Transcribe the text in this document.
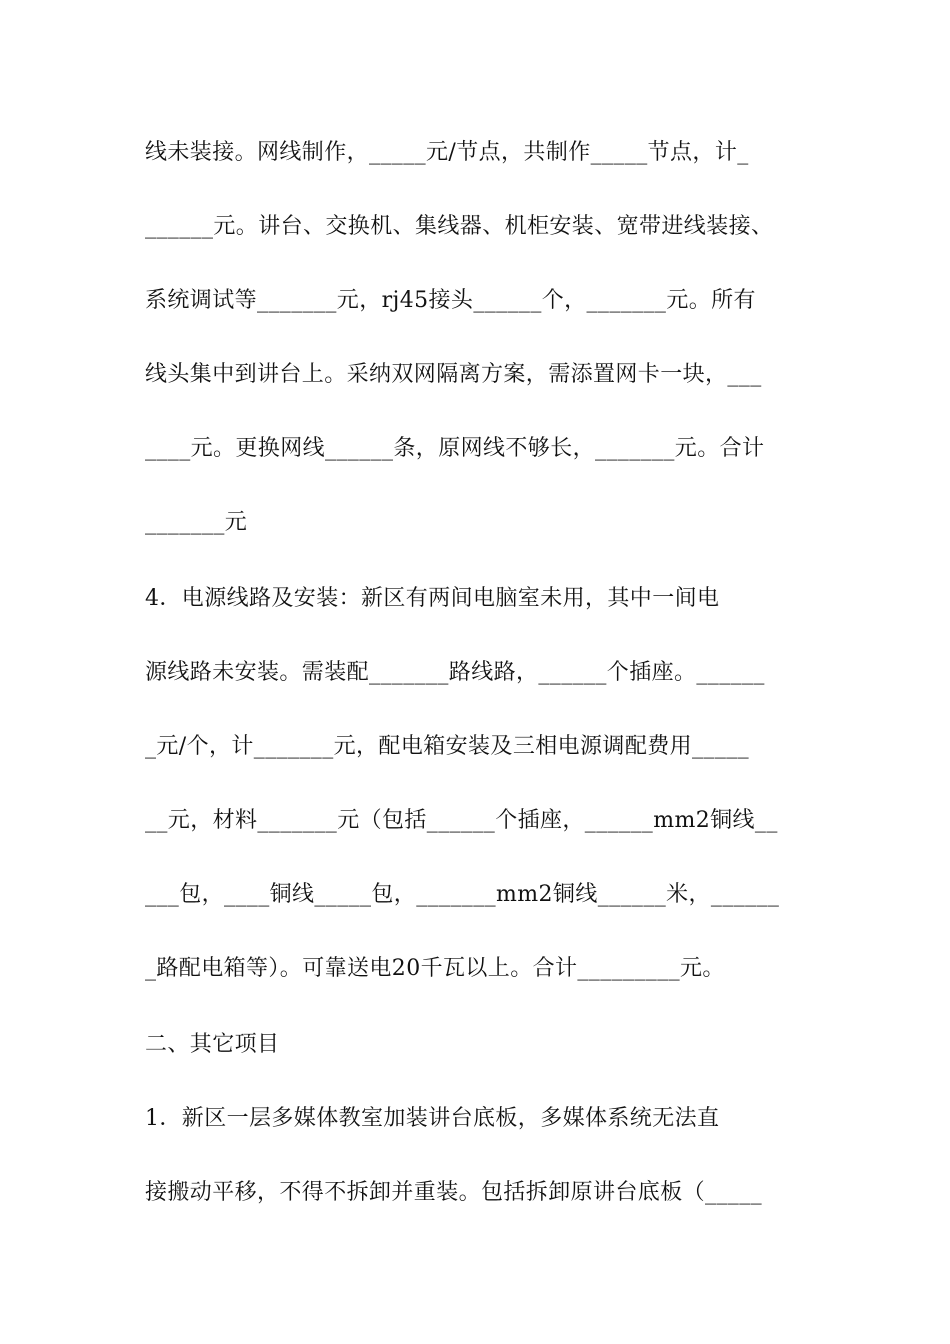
线未装接。网线制作，_____元/节点，共制作_____节点，计_
______元。讲台、交换机、集线器、机柜安装、宽带进线装接、
系统调试等_______元，rj45接头______个，_______元。所有
线头集中到讲台上。采纳双网隔离方案，需添置网卡一块，___
____元。更换网线______条，原网线不够长，_______元。合计
_______元
4．电源线路及安装：新区有两间电脑室未用，其中一间电
源线路未安装。需装配_______路线路，______个插座。______
_元/个，计_______元，配电箱安装及三相电源调配费用_____
__元，材料_______元（包括______个插座，______mm2铜线__
___包，____铜线_____包，_______mm2铜线______米，______
_路配电箱等）。可靠送电20千瓦以上。合计_________元。
二、其它项目
1．新区一层多媒体教室加装讲台底板，多媒体系统无法直
接搬动平移，不得不拆卸并重装。包括拆卸原讲台底板（_____
